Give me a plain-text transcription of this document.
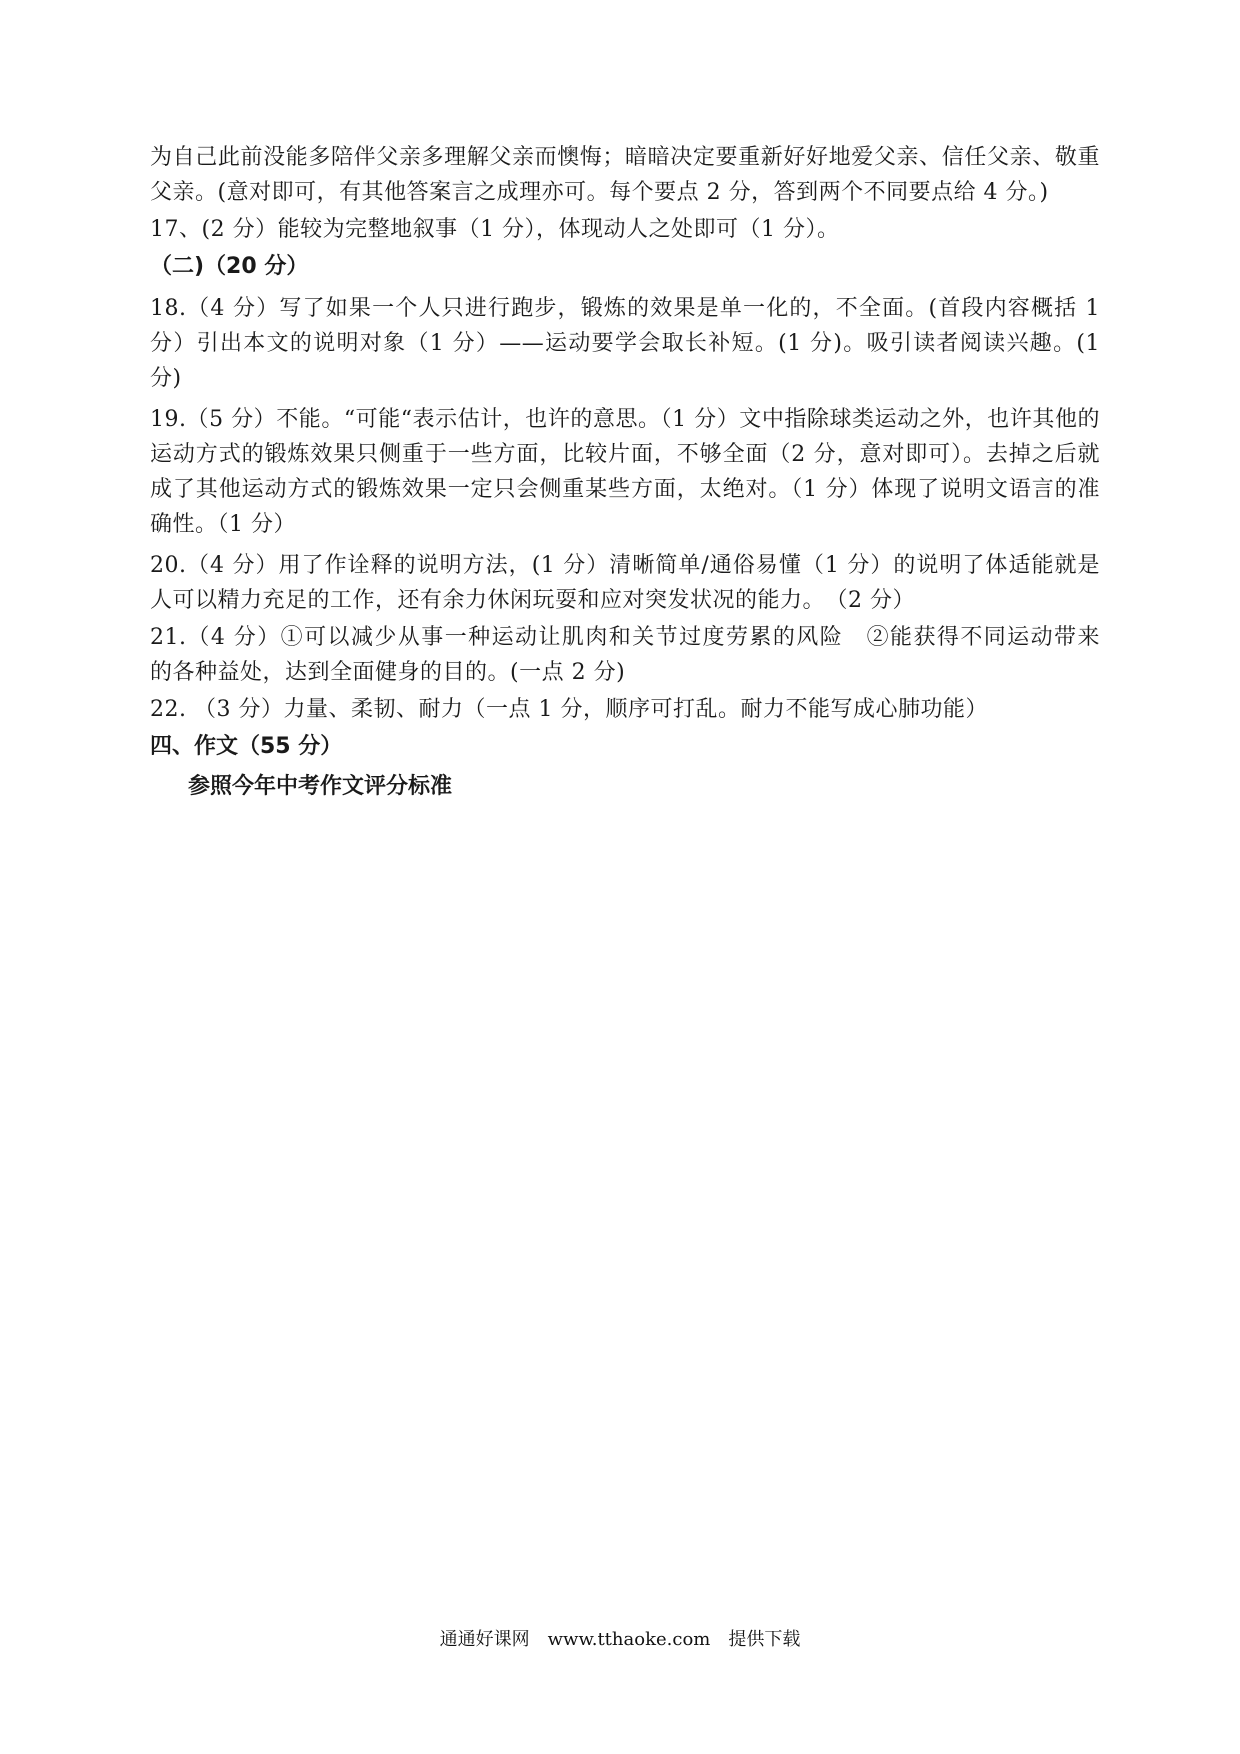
为自己此前没能多陪伴父亲多理解父亲而懊悔；暗暗决定要重新好好地爱父亲、信任父亲、敬重父亲。(意对即可，有其他答案言之成理亦可。每个要点 2 分，答到两个不同要点给 4 分。)

17、(2 分）能较为完整地叙事（1 分），体现动人之处即可（1 分）。

（二)（20 分）

18.（4 分）写了如果一个人只进行跑步，锻炼的效果是单一化的，不全面。(首段内容概括 1 分）引出本文的说明对象（1 分）——运动要学会取长补短。(1 分)。吸引读者阅读兴趣。(1 分)

19.（5 分）不能。“可能“表示估计，也许的意思。（1 分）文中指除球类运动之外，也许其他的运动方式的锻炼效果只侧重于一些方面，比较片面，不够全面（2 分，意对即可）。去掉之后就成了其他运动方式的锻炼效果一定只会侧重某些方面，太绝对。（1 分）体现了说明文语言的准确性。（1 分）

20.（4 分）用了作诠释的说明方法，(1 分）清晰简单/通俗易懂（1 分）的说明了体适能就是人可以精力充足的工作，还有余力休闲玩耍和应对突发状况的能力。　（2 分）

21.（4 分）①可以减少从事一种运动让肌肉和关节过度劳累的风险　②能获得不同运动带来　 的各种益处，达到全面健身的目的。(一点 2 分)

22. （3 分）力量、柔韧、耐力（一点 1 分，顺序可打乱。耐力不能写成心肺功能）

四、作文（55 分）
参照今年中考作文评分标准
通通好课网　www.tthaoke.com　提供下载
